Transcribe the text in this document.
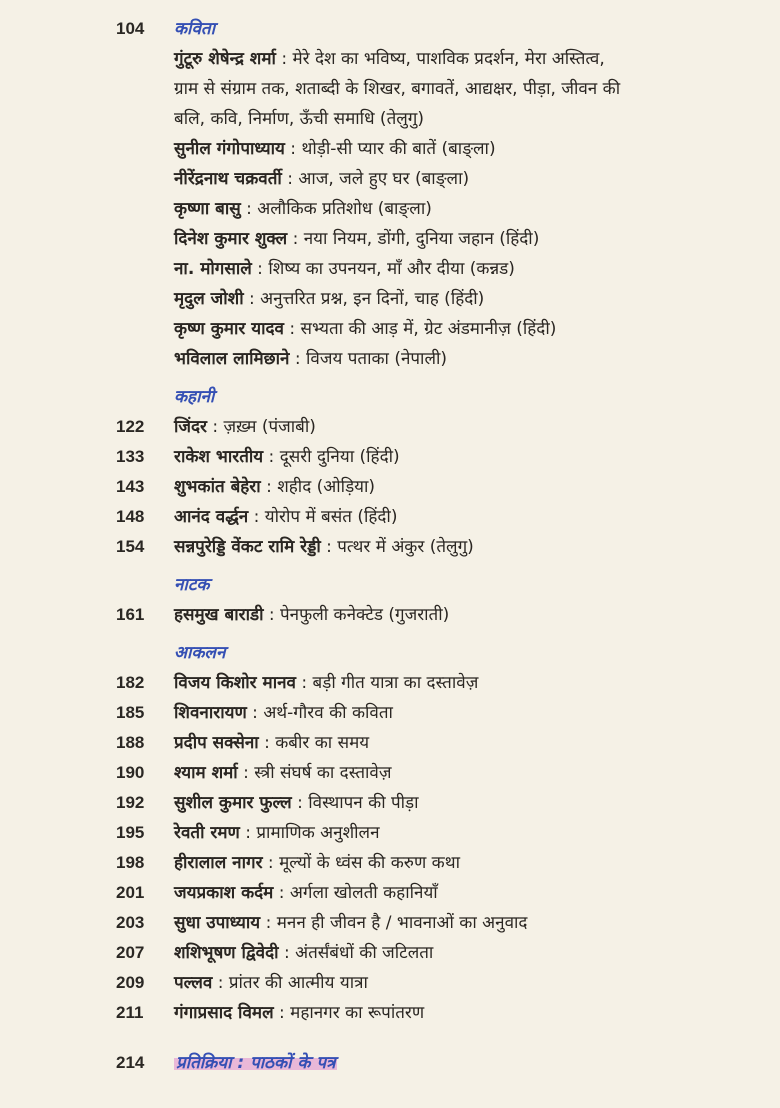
104	कविता
गुंटूरु शेषेन्द्र शर्मा : मेरे देश का भविष्य, पाशविक प्रदर्शन, मेरा अस्तित्व, ग्राम से संग्राम तक, शताब्दी के शिखर, बगावतें, आद्यक्षर, पीड़ा, जीवन की बलि, कवि, निर्माण, ऊँची समाधि (तेलुगु)
सुनील गंगोपाध्याय : थोड़ी-सी प्यार की बातें (बाङ्ला)
नीरेंद्रनाथ चक्रवर्ती : आज, जले हुए घर (बाङ्ला)
कृष्णा बासु : अलौकिक प्रतिशोध (बाङ्ला)
दिनेश कुमार शुक्ल : नया नियम, डोंगी, दुनिया जहान (हिंदी)
ना. मोगसाले : शिष्य का उपनयन, माँ और दीया (कन्नड)
मृदुल जोशी : अनुत्तरित प्रश्न, इन दिनों, चाह (हिंदी)
कृष्ण कुमार यादव : सभ्यता की आड़ में, ग्रेट अंडमानीज़ (हिंदी)
भविलाल लामिछाने : विजय पताका (नेपाली)
कहानी
122	जिंदर : ज़ख़्म (पंजाबी)
133	राकेश भारतीय : दूसरी दुनिया (हिंदी)
143	शुभकांत बेहेरा : शहीद (ओड़िया)
148	आनंद वर्द्धन : योरोप में बसंत (हिंदी)
154	सन्नपुरेड्डि वेंकट रामि रेड्डी : पत्थर में अंकुर (तेलुगु)
नाटक
161	हसमुख बाराडी : पेनफुली कनेक्टेड (गुजराती)
आकलन
182	विजय किशोर मानव : बड़ी गीत यात्रा का दस्तावेज़
185	शिवनारायण : अर्थ-गौरव की कविता
188	प्रदीप सक्सेना : कबीर का समय
190	श्याम शर्मा : स्त्री संघर्ष का दस्तावेज़
192	सुशील कुमार फुल्ल : विस्थापन की पीड़ा
195	रेवती रमण : प्रामाणिक अनुशीलन
198	हीरालाल नागर : मूल्यों के ध्वंस की करुण कथा
201	जयप्रकाश कर्दम : अर्गला खोलती कहानियाँ
203	सुधा उपाध्याय : मनन ही जीवन है / भावनाओं का अनुवाद
207	शशिभूषण द्विवेदी : अंतर्संबंधों की जटिलता
209	पल्लव : प्रांतर की आत्मीय यात्रा
211	गंगाप्रसाद विमल : महानगर का रूपांतरण
214	प्रतिक्रिया : पाठकों के पत्र
